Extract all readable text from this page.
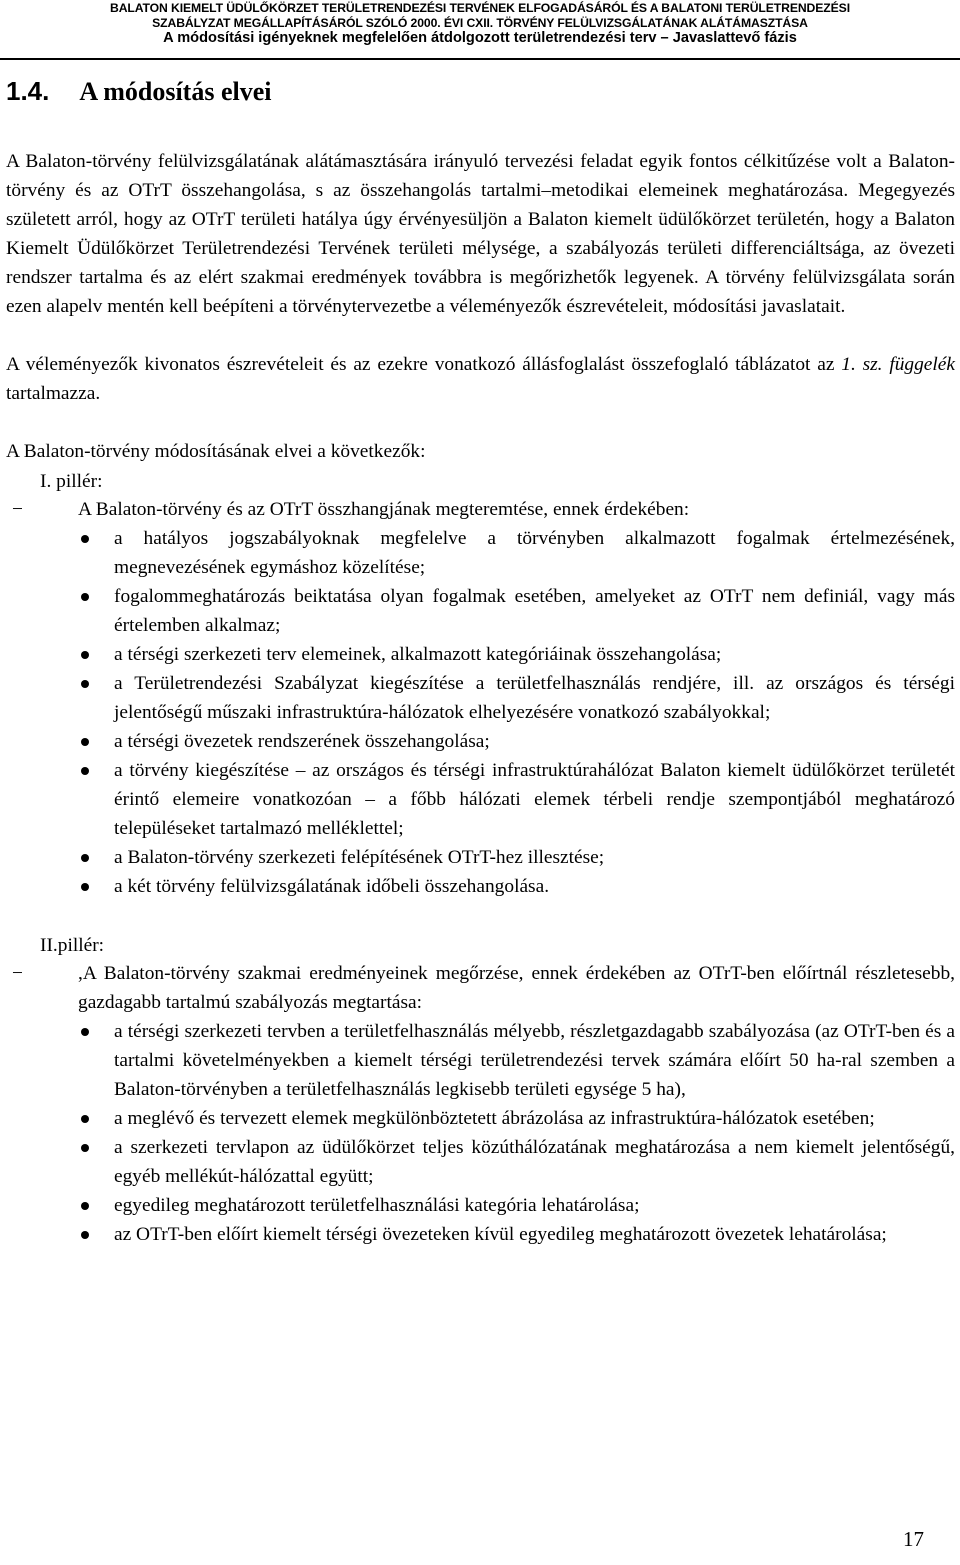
BALATON KIEMELT ÜDÜLŐKÖRZET TERÜLETRENDEZÉSI TERVÉNEK ELFOGADÁSÁRÓL ÉS A BALATONI TERÜLETRENDEZÉSI
SZABÁLYZAT MEGÁLLAPÍTÁSÁRÓL SZÓLÓ 2000. ÉVI CXII. TÖRVÉNY FELÜLVIZSGÁLATÁNAK ALÁTÁMASZTÁSA
A módosítási igényeknek megfelelően átdolgozott területrendezési terv – Javaslattevő fázis
1.4. A módosítás elvei

A Balaton-törvény felülvizsgálatának alátámasztására irányuló tervezési feladat egyik fontos célkitűzése volt a Balaton-törvény és az OTrT összehangolása, s az összehangolás tartalmi–metodikai elemeinek meghatározása. Megegyezés született arról, hogy az OTrT területi hatálya úgy érvényesüljön a Balaton kiemelt üdülőkörzet területén, hogy a Balaton Kiemelt Üdülőkörzet Területrendezési Tervének területi mélysége, a szabályozás területi differenciáltsága, az övezeti rendszer tartalma és az elért szakmai eredmények továbbra is megőrizhetők legyenek. A törvény felülvizsgálata során ezen alapelv mentén kell beépíteni a törvénytervezetbe a véleményezők észrevételeit, módosítási javaslatait.

A véleményezők kivonatos észrevételeit és az ezekre vonatkozó állásfoglalást összefoglaló táblázatot az 1. sz. függelék tartalmazza.

A Balaton-törvény módosításának elvei a következők:

I. pillér:
−	A Balaton-törvény és az OTrT összhangjának megteremtése, ennek érdekében:
a hatályos jogszabályoknak megfelelve a törvényben alkalmazott fogalmak értelmezésének, megnevezésének egymáshoz közelítése;
fogalommeghatározás beiktatása olyan fogalmak esetében, amelyeket az OTrT nem definiál, vagy más értelemben alkalmaz;
a térségi szerkezeti terv elemeinek, alkalmazott kategóriáinak összehangolása;
a Területrendezési Szabályzat kiegészítése a területfelhasználás rendjére, ill. az országos és térségi jelentőségű műszaki infrastruktúra-hálózatok elhelyezésére vonatkozó szabályokkal;
a térségi övezetek rendszerének összehangolása;
a törvény kiegészítése – az országos és térségi infrastruktúrahálózat Balaton kiemelt üdülőkörzet területét érintő elemeire vonatkozóan – a főbb hálózati elemek térbeli rendje szempontjából meghatározó településeket tartalmazó melléklettel;
a Balaton-törvény szerkezeti felépítésének OTrT-hez illesztése;
a két törvény felülvizsgálatának időbeli összehangolása.
II.pillér:
−	,A Balaton-törvény szakmai eredményeinek megőrzése, ennek érdekében az OTrT-ben előírtnál részletesebb, gazdagabb tartalmú szabályozás megtartása:
a térségi szerkezeti tervben a területfelhasználás mélyebb, részletgazdagabb szabályozása (az OTrT-ben és a tartalmi követelményekben a kiemelt térségi területrendezési tervek számára előírt 50 ha-ral szemben a Balaton-törvényben a területfelhasználás legkisebb területi egysége 5 ha),
a meglévő és tervezett elemek megkülönböztetett ábrázolása az infrastruktúra-hálózatok esetében;
a szerkezeti tervlapon az üdülőkörzet teljes közúthálózatának meghatározása a nem kiemelt jelentőségű, egyéb mellékút-hálózattal együtt;
egyedileg meghatározott területfelhasználási kategória lehatárolása;
az OTrT-ben előírt kiemelt térségi övezeteken kívül egyedileg meghatározott övezetek lehatárolása;
17
